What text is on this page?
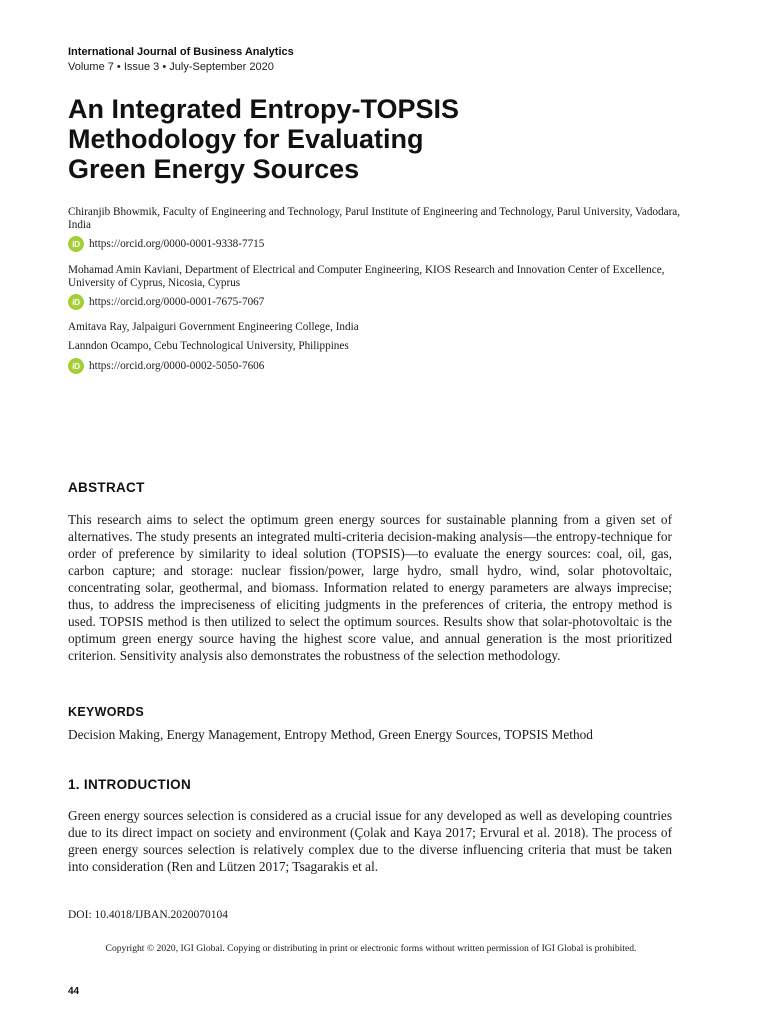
International Journal of Business Analytics
Volume 7 • Issue 3 • July-September 2020
An Integrated Entropy-TOPSIS
Methodology for Evaluating
Green Energy Sources
Chiranjib Bhowmik, Faculty of Engineering and Technology, Parul Institute of Engineering and Technology, Parul University, Vadodara, India
iD https://orcid.org/0000-0001-9338-7715
Mohamad Amin Kaviani, Department of Electrical and Computer Engineering, KIOS Research and Innovation Center of Excellence, University of Cyprus, Nicosia, Cyprus
iD https://orcid.org/0000-0001-7675-7067
Amitava Ray, Jalpaiguri Government Engineering College, India
Lanndon Ocampo, Cebu Technological University, Philippines
iD https://orcid.org/0000-0002-5050-7606
ABSTRACT

This research aims to select the optimum green energy sources for sustainable planning from a given set of alternatives. The study presents an integrated multi-criteria decision-making analysis—the entropy-technique for order of preference by similarity to ideal solution (TOPSIS)—to evaluate the energy sources: coal, oil, gas, carbon capture; and storage: nuclear fission/power, large hydro, small hydro, wind, solar photovoltaic, concentrating solar, geothermal, and biomass. Information related to energy parameters are always imprecise; thus, to address the impreciseness of eliciting judgments in the preferences of criteria, the entropy method is used. TOPSIS method is then utilized to select the optimum sources. Results show that solar-photovoltaic is the optimum green energy source having the highest score value, and annual generation is the most prioritized criterion. Sensitivity analysis also demonstrates the robustness of the selection methodology.

KEYWORDS

Decision Making, Energy Management, Entropy Method, Green Energy Sources, TOPSIS Method

1. INTRODUCTION

Green energy sources selection is considered as a crucial issue for any developed as well as developing countries due to its direct impact on society and environment (Çolak and Kaya 2017; Ervural et al. 2018). The process of green energy sources selection is relatively complex due to the diverse influencing criteria that must be taken into consideration (Ren and Lützen 2017; Tsagarakis et al.

DOI: 10.4018/IJBAN.2020070104
Copyright © 2020, IGI Global. Copying or distributing in print or electronic forms without written permission of IGI Global is prohibited.
44
